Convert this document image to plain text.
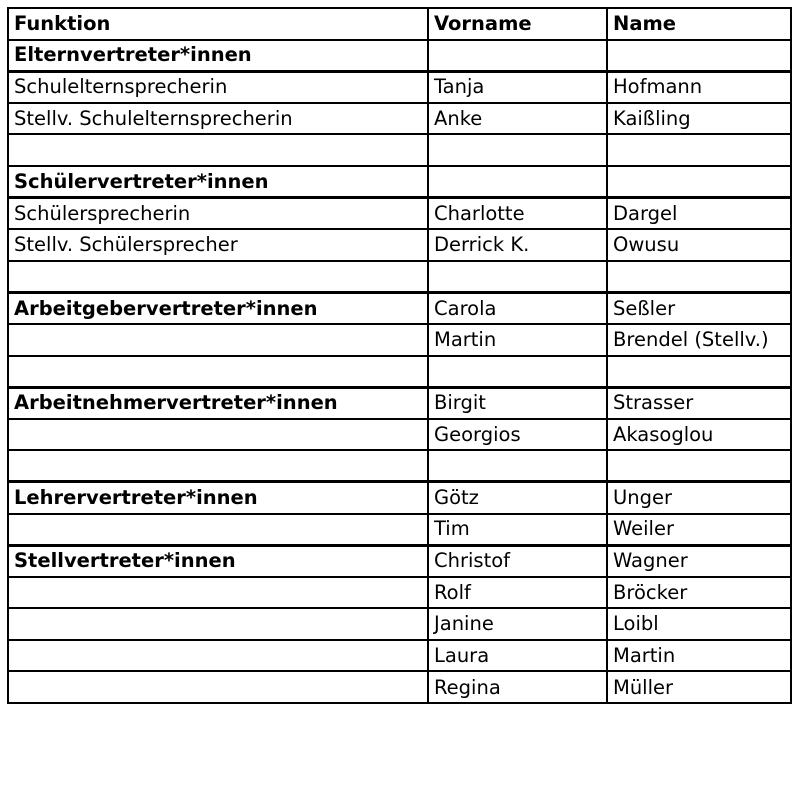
Funktion	Vorname	Name
Elternvertreter*innen		
Schulelternsprecherin	Tanja	Hofmann
Stellv. Schulelternsprecherin	Anke	Kaißling

Schülervertreter*innen		
Schülersprecherin	Charlotte	Dargel
Stellv. Schülersprecher	Derrick K.	Owusu

Arbeitgebervertreter*innen	Carola	Seßler
	Martin	Brendel (Stellv.)

Arbeitnehmervertreter*innen	Birgit	Strasser
	Georgios	Akasoglou

Lehrervertreter*innen	Götz	Unger
	Tim	Weiler
Stellvertreter*innen	Christof	Wagner
	Rolf	Bröcker
	Janine	Loibl
	Laura	Martin
	Regina	Müller
